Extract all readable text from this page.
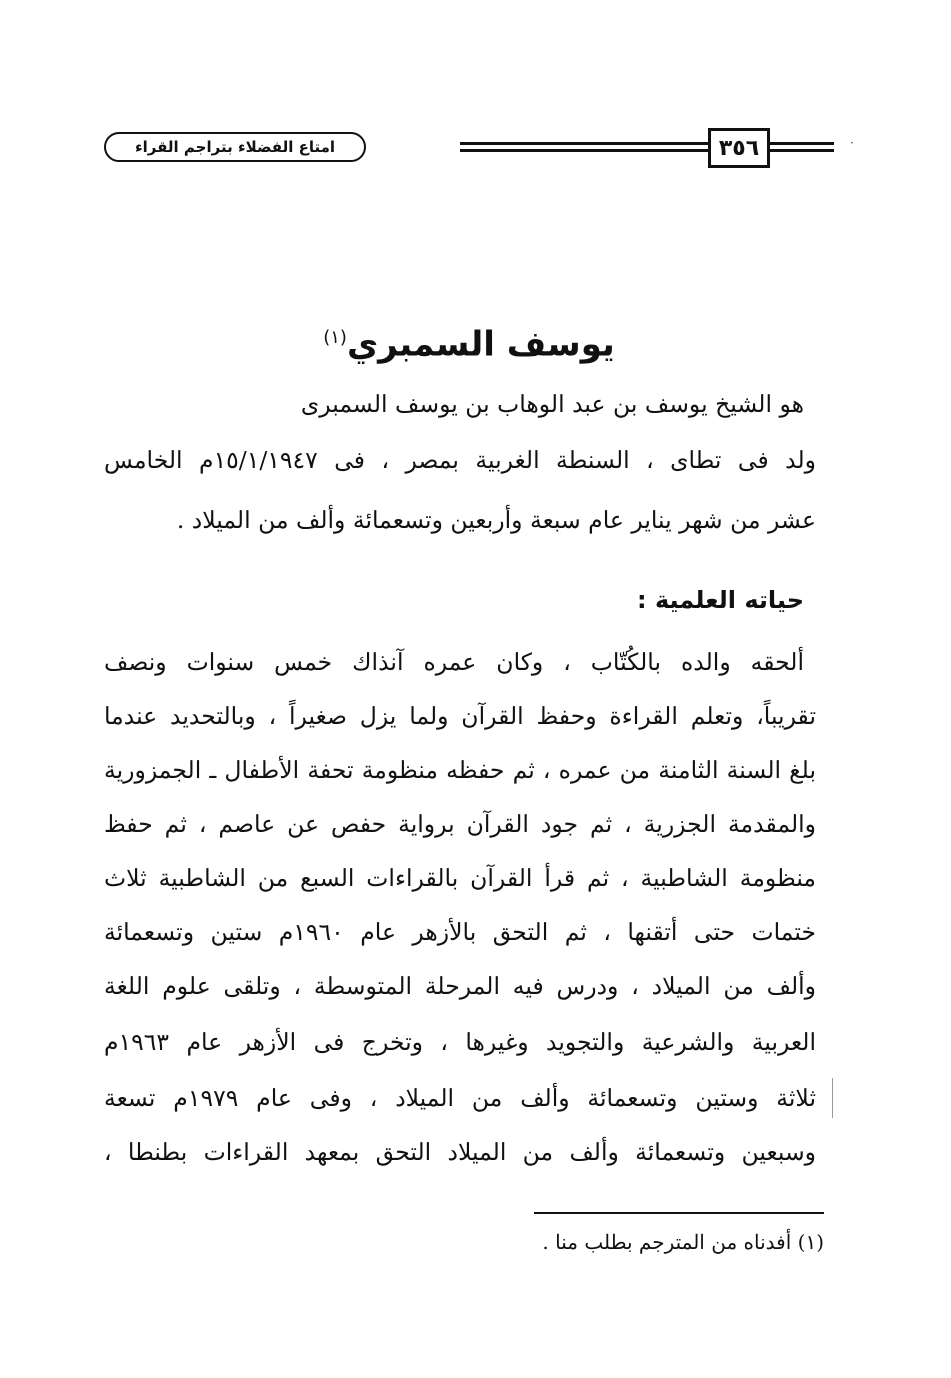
امتاع الفضلاء بتراجم القراء	٣٥٦	·
يوسف السمبري$^{(١)}$
هو الشيخ يوسف بن عبد الوهاب بن يوسف السمبرى
ولد فى تطاى ، السنطة الغربية بمصر ، فى ١٥/١/١٩٤٧م الخامس
عشر من شهر يناير عام سبعة وأربعين وتسعمائة وألف من الميلاد .
حياته العلمية :
ألحقه والده بالكُتّاب ، وكان عمره آنذاك خمس سنوات ونصف
تقريباً، وتعلم القراءة وحفظ القرآن ولما يزل صغيراً ، وبالتحديد عندما
بلغ السنة الثامنة من عمره ، ثم حفظه منظومة تحفة الأطفال ـ الجمزورية
والمقدمة الجزرية ، ثم جود القرآن برواية حفص عن عاصم ، ثم حفظ
منظومة الشاطبية ، ثم قرأ القرآن بالقراءات السبع من الشاطبية ثلاث
ختمات حتى أتقنها ، ثم التحق بالأزهر عام ١٩٦٠م ستين وتسعمائة
وألف من الميلاد ، ودرس فيه المرحلة المتوسطة ، وتلقى علوم اللغة
العربية والشرعية والتجويد وغيرها ، وتخرج فى الأزهر عام ١٩٦٣م
ثلاثة وستين وتسعمائة وألف من الميلاد ، وفى عام ١٩٧٩م تسعة
وسبعين وتسعمائة وألف من الميلاد التحق بمعهد القراءات بطنطا ،
(١) أفدناه من المترجم بطلب منا .
